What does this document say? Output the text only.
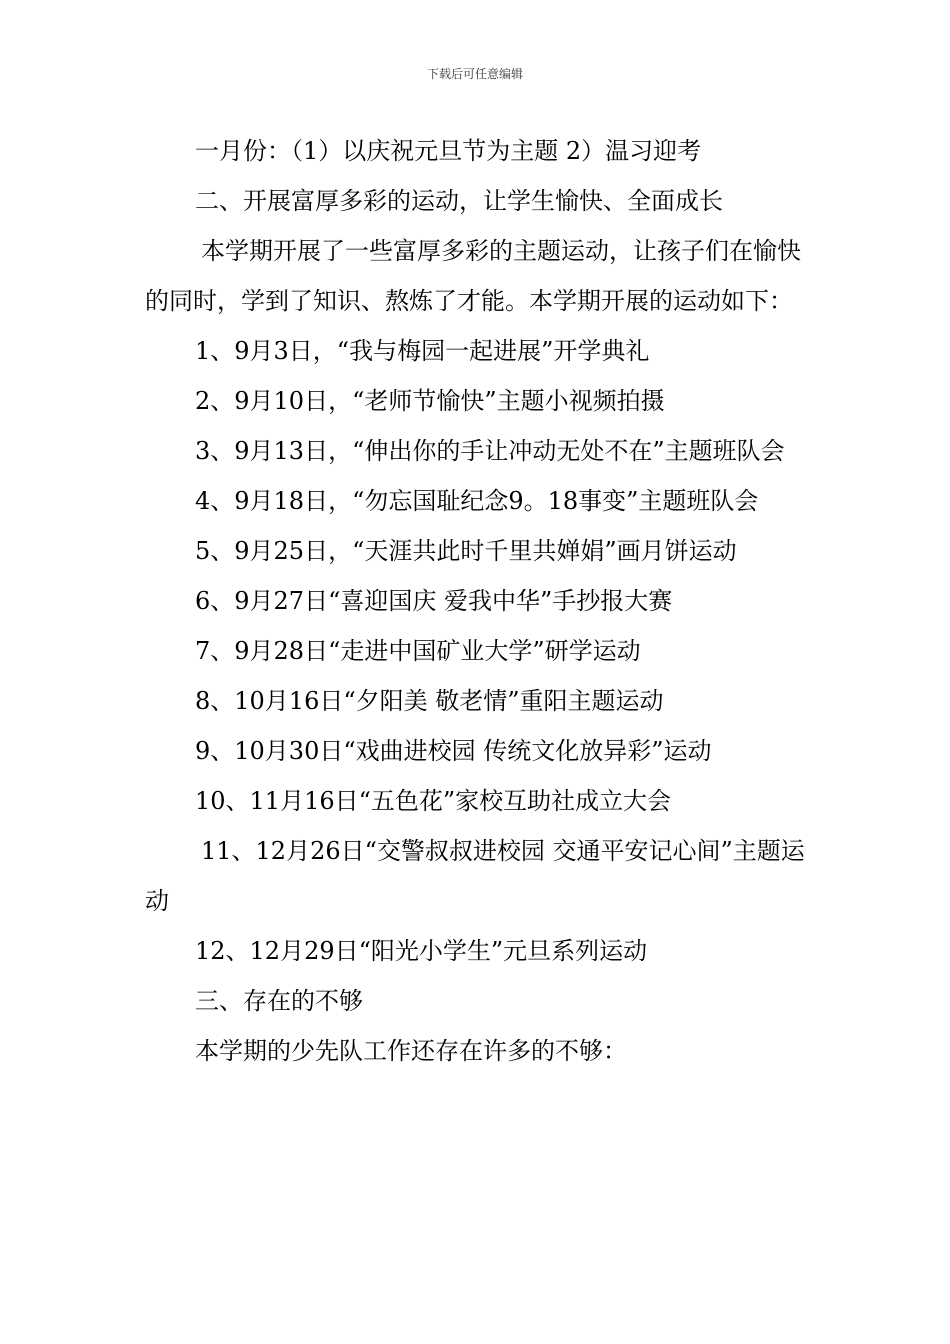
下载后可任意编辑

一月份：（1）以庆祝元旦节为主题 2）温习迎考

二、开展富厚多彩的运动，让学生愉快、全面成长

本学期开展了一些富厚多彩的主题运动，让孩子们在愉快的同时，学到了知识、熬炼了才能。本学期开展的运动如下：

1、9月3日，“我与梅园一起进展”开学典礼

2、9月10日，“老师节愉快”主题小视频拍摄

3、9月13日，“伸出你的手让冲动无处不在”主题班队会

4、9月18日，“勿忘国耻纪念9。18事变”主题班队会

5、9月25日，“天涯共此时千里共婵娟”画月饼运动

6、9月27日“喜迎国庆 爱我中华”手抄报大赛

7、9月28日“走进中国矿业大学”研学运动

8、10月16日“夕阳美 敬老情”重阳主题运动

9、10月30日“戏曲进校园 传统文化放异彩”运动

10、11月16日“五色花”家校互助社成立大会

11、12月26日“交警叔叔进校园 交通平安记心间”主题运动

12、12月29日“阳光小学生”元旦系列运动

三、存在的不够

本学期的少先队工作还存在许多的不够：
